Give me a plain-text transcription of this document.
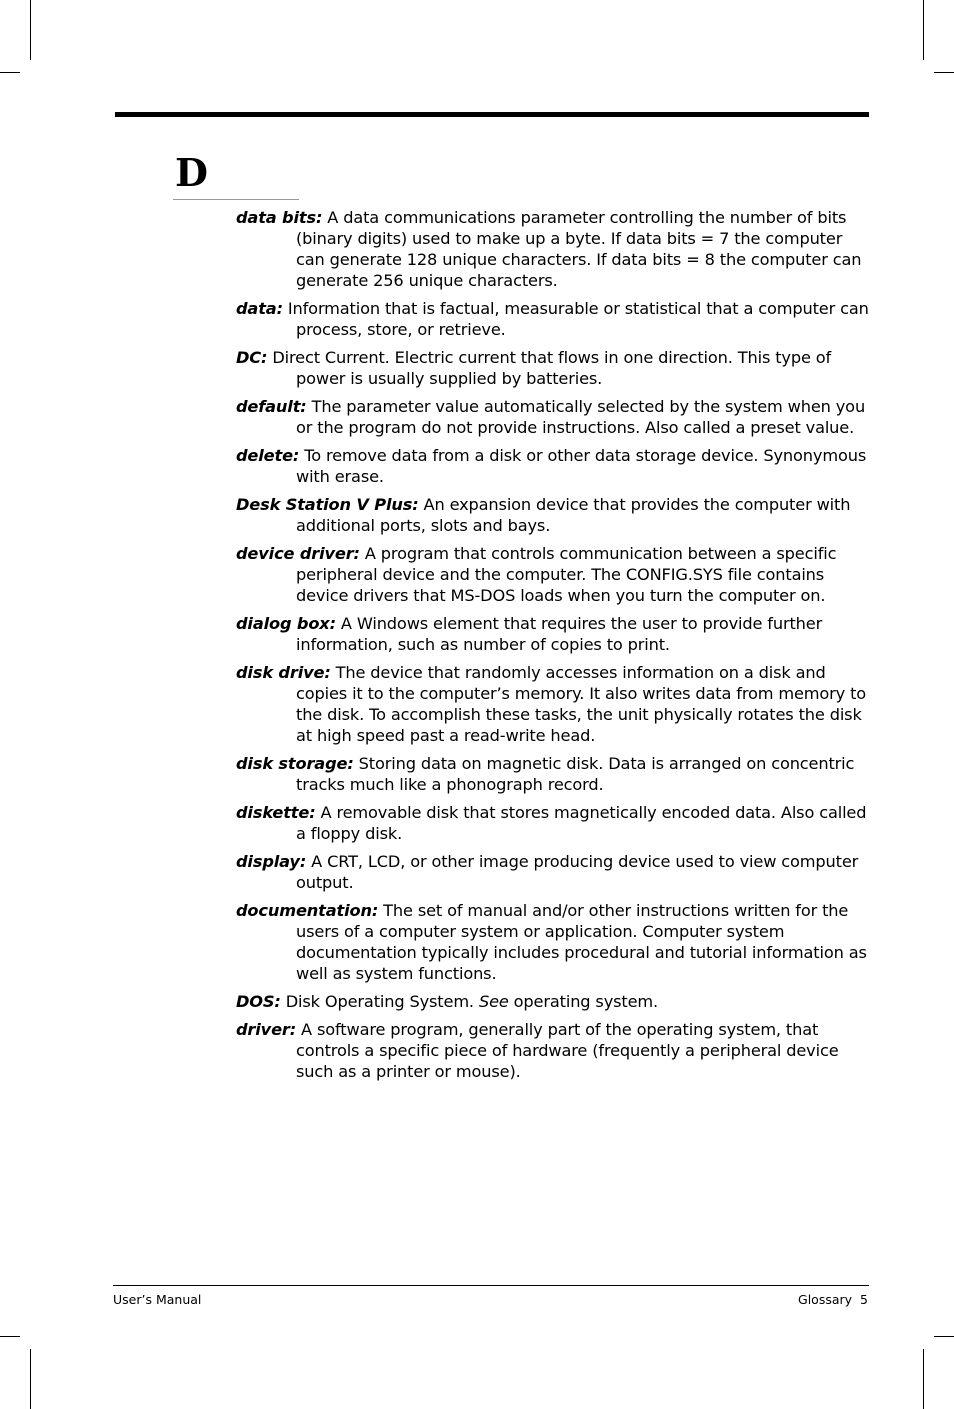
D
data bits: A data communications parameter controlling the number of bits (binary digits) used to make up a byte. If data bits = 7 the computer can generate 128 unique characters. If data bits = 8 the computer can generate 256 unique characters.
data: Information that is factual, measurable or statistical that a computer can process, store, or retrieve.
DC: Direct Current. Electric current that flows in one direction. This type of power is usually supplied by batteries.
default: The parameter value automatically selected by the system when you or the program do not provide instructions. Also called a preset value.
delete: To remove data from a disk or other data storage device. Synonymous with erase.
Desk Station V Plus: An expansion device that provides the computer with additional ports, slots and bays.
device driver: A program that controls communication between a specific peripheral device and the computer. The CONFIG.SYS file contains device drivers that MS-DOS loads when you turn the computer on.
dialog box: A Windows element that requires the user to provide further information, such as number of copies to print.
disk drive: The device that randomly accesses information on a disk and copies it to the computer’s memory. It also writes data from memory to the disk. To accomplish these tasks, the unit physically rotates the disk at high speed past a read-write head.
disk storage: Storing data on magnetic disk. Data is arranged on concentric tracks much like a phonograph record.
diskette: A removable disk that stores magnetically encoded data. Also called a floppy disk.
display: A CRT, LCD, or other image producing device used to view computer output.
documentation: The set of manual and/or other instructions written for the users of a computer system or application. Computer system documentation typically includes procedural and tutorial information as well as system functions.
DOS: Disk Operating System. See operating system.
driver: A software program, generally part of the operating system, that controls a specific piece of hardware (frequently a peripheral device such as a printer or mouse).
User’s Manual	Glossary 5
